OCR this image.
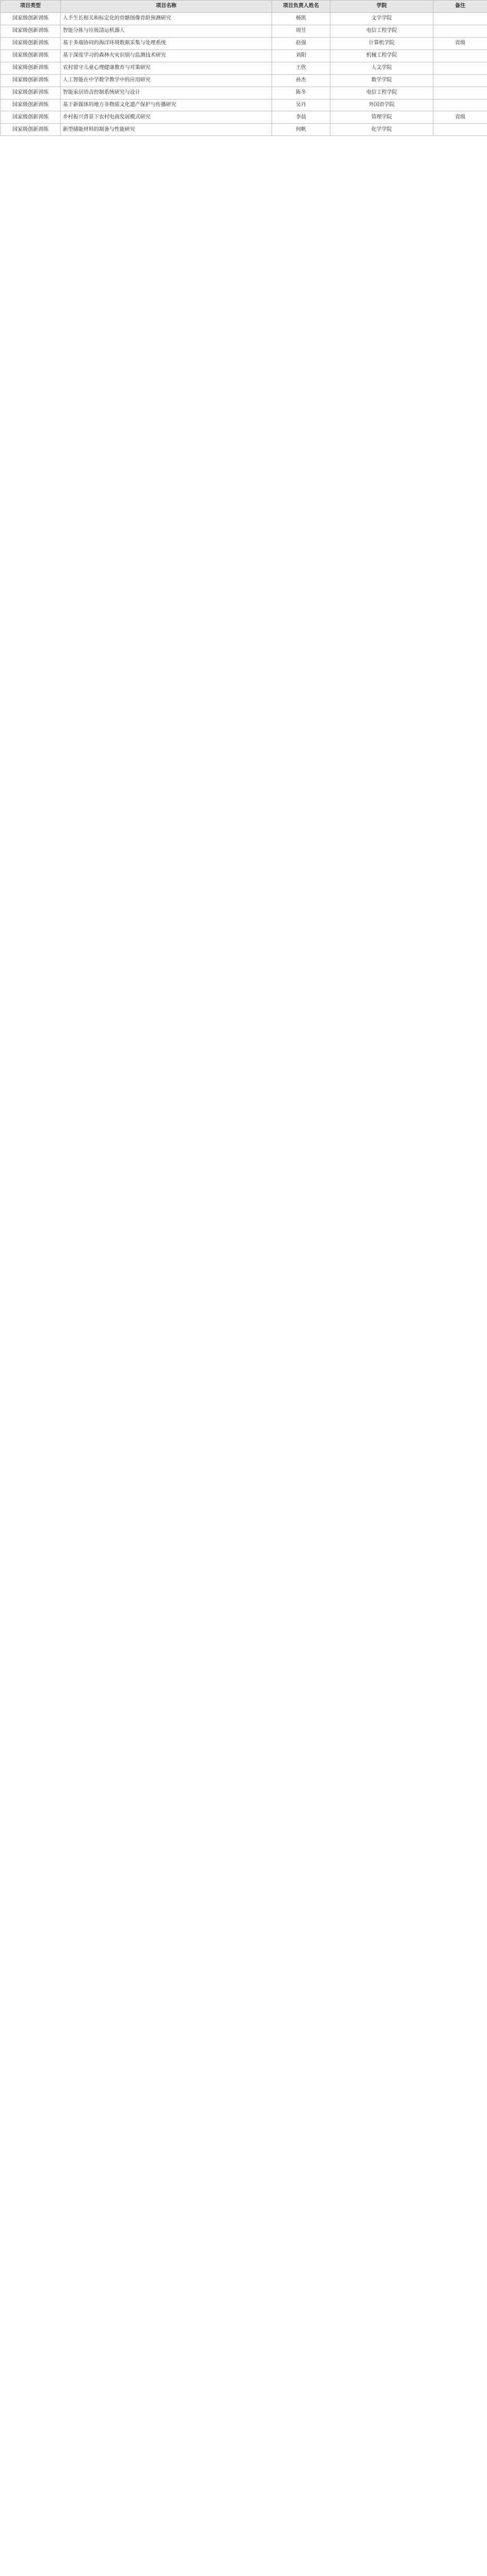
项目类型	项目名称	项目负责人姓名	学院	备注
国家级创新训练	人手生长相关和标定化的骨骼图像骨龄预测研究	杨凯	文学学院	
国家级创新训练	智能分拣与垃圾清运机器人	周昱	电信工程学院	
国家级创新训练	基于多端协同的海洋环境数据采集与处理系统	赵强	计算机学院	省级
国家级创新训练	基于深度学习的森林火灾识别与监测技术研究	刘阳	机械工程学院	
国家级创新训练	农村留守儿童心理健康教育与对策研究	王欣	人文学院	
国家级创新训练	人工智能在中学数学教学中的应用研究	孙杰	数学学院	
国家级创新训练	智能家居语音控制系统研究与设计	陈冬	电信工程学院	
国家级创新训练	基于新媒体的地方非物质文化遗产保护与传播研究	吴丹	外国语学院	
国家级创新训练	乡村振兴背景下农村电商发展模式研究	李晨	管理学院	省级
国家级创新训练	新型储能材料的制备与性能研究	何帆	化学学院	
